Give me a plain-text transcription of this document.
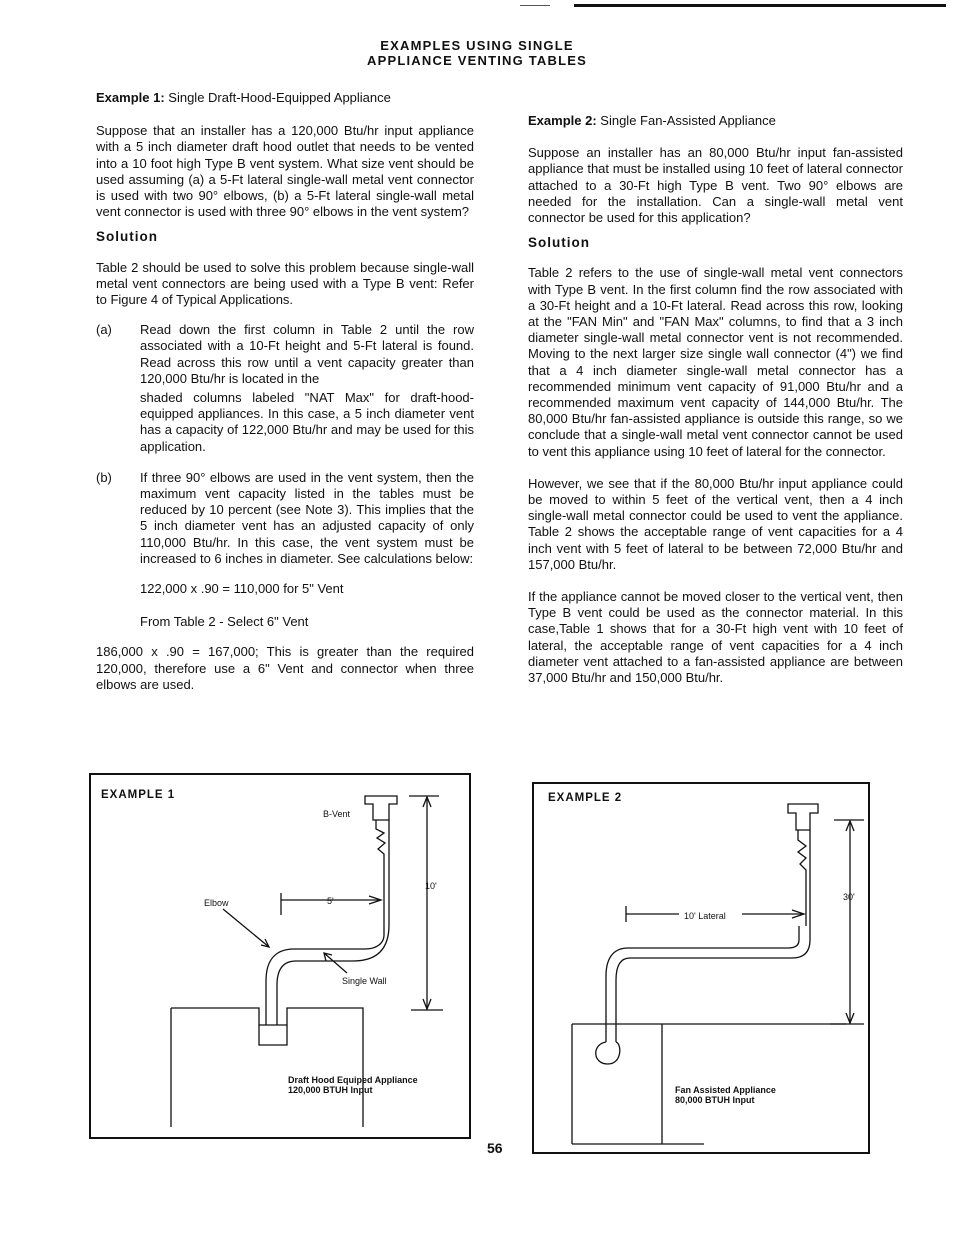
EXAMPLES USING SINGLE
APPLIANCE VENTING TABLES
Example 1: Single Draft-Hood-Equipped Appliance

Suppose that an installer has a 120,000 Btu/hr input appliance with a 5 inch diameter draft hood outlet that needs to be vented into a 10 foot high Type B vent system. What size vent should be used assuming (a) a 5-Ft lateral single-wall metal vent connector is used with two 90° elbows, (b) a 5-Ft lateral single-wall metal vent connector is used with three 90° elbows in the vent system?

Solution

Table 2 should be used to solve this problem because single-wall metal vent connectors are being used with a Type B vent: Refer to Figure 4 of Typical Applications.

(a) Read down the first column in Table 2 until the row associated with a 10-Ft height and 5-Ft lateral is found. Read across this row until a vent capacity greater than 120,000 Btu/hr is located in the
shaded columns labeled "NAT Max" for draft-hood-equipped appliances. In this case, a 5 inch diameter vent has a capacity of 122,000 Btu/hr and may be used for this application.
(b) If three 90° elbows are used in the vent system, then the maximum vent capacity listed in the tables must be reduced by 10 percent (see Note 3). This implies that the 5 inch diameter vent has an adjusted capacity of only 110,000 Btu/hr. In this case, the vent system must be increased to 6 inches in diameter. See calculations below:
122,000 x .90 = 110,000 for 5" Vent
From Table 2 - Select 6" Vent

186,000 x .90 = 167,000; This is greater than the required 120,000, therefore use a 6" Vent and connector when three elbows are used.

Example 2: Single Fan-Assisted Appliance

Suppose an installer has an 80,000 Btu/hr input fan-assisted appliance that must be installed using 10 feet of lateral connector attached to a 30-Ft high Type B vent. Two 90° elbows are needed for the installation. Can a single-wall metal vent connector be used for this application?

Solution

Table 2 refers to the use of single-wall metal vent connectors with Type B vent. In the first column find the row associated with a 30-Ft height and a 10-Ft lateral. Read across this row, looking at the "FAN Min" and "FAN Max" columns, to find that a 3 inch diameter single-wall metal connector vent is not recommended. Moving to the next larger size single wall connector (4") we find that a 4 inch diameter single-wall metal connector has a recommended minimum vent capacity of 91,000 Btu/hr and a recommended maximum vent capacity of 144,000 Btu/hr. The 80,000 Btu/hr fan-assisted appliance is outside this range, so we conclude that a single-wall metal vent connector cannot be used to vent this appliance using 10 feet of lateral for the connector.

However, we see that if the 80,000 Btu/hr input appliance could be moved to within 5 feet of the vertical vent, then a 4 inch single-wall metal connector could be used to vent the appliance. Table 2 shows the acceptable range of vent capacities for a 4 inch vent with 5 feet of lateral to be between 72,000 Btu/hr and 157,000 Btu/hr.

If the appliance cannot be moved closer to the vertical vent, then Type B vent could be used as the connector material. In this case,Table 1 shows that for a 30-Ft high vent with 10 feet of lateral, the acceptable range of vent capacities for a 4 inch diameter vent attached to a fan-assisted appliance are between 37,000 Btu/hr and 150,000 Btu/hr.

EXAMPLE 1
B-Vent
10'
5'
Elbow
Single Wall
Draft Hood Equiped Appliance
120,000 BTUH Input
EXAMPLE 2
30'
10' Lateral
Fan Assisted Appliance
80,000 BTUH Input
56
